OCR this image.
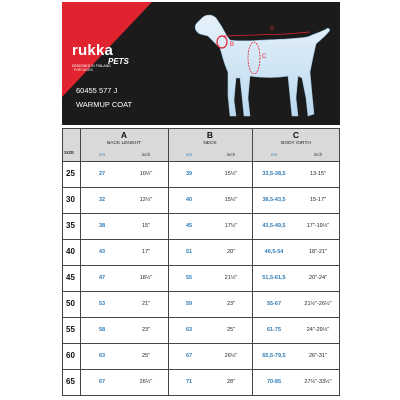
rukka
PETS
DESIGNED IN FINLAND · FOR DOGS
60455 577 J
WARMUP COAT
A
B
C
SIZE
A
BACK LENGHT
cm	inch
B
NECK
cm	inch
C
BODY GIRTH
cm	inch
25	27	10½"	39	15½"	33,5-38,5	13-15"
30	32	12½"	40	15½"	38,5-43,5	15-17"
35	38	15"	45	17½"	43,5-49,5	17"-19½"
40	43	17"	51	20"	46,5-54	18"-21"
45	47	18½"	55	21½"	51,5-61,5	20"-24"
50	53	21"	59	23"	55-67	21½"-26½"
55	58	23"	63	25"	61-75	24"-29½"
60	63	25"	67	26½"	65,5-79,5	26"-31"
65	67	26½"	71	28"	70-85	27½"-33½"
